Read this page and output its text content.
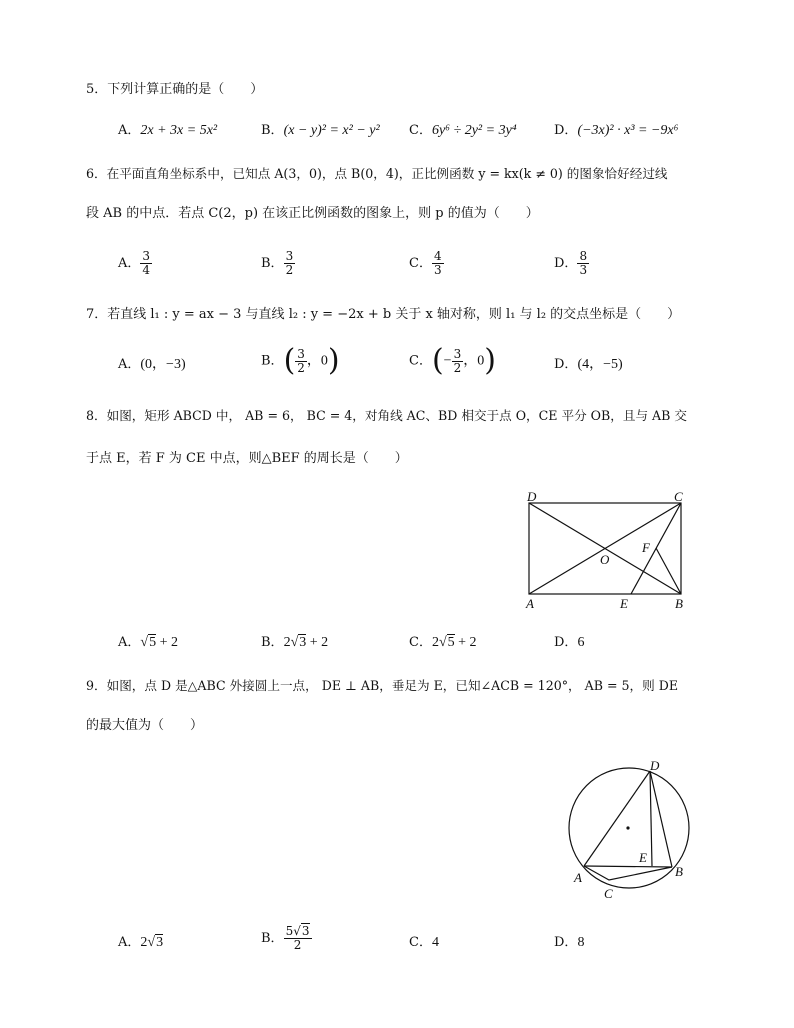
5．下列计算正确的是（　　）
A．2x + 3x = 5x²	B．(x − y)² = x² − y² C．6y⁶ ÷ 2y² = 3y⁴	D．(−3x)² · x³ = −9x⁶
6．在平面直角坐标系中，已知点 A(3，0)，点 B(0，4)，正比例函数 y = kx(k ≠ 0) 的图象恰好经过线
段 AB 的中点．若点 C(2，p) 在该正比例函数的图象上，则 p 的值为（　　）
A． $\frac{3}{4}$	B． $\frac{3}{2}$	C． $\frac{4}{3}$	D． $\frac{8}{3}$
7．若直线 l₁ : y = ax − 3 与直线 l₂ : y = −2x + b 关于 x 轴对称，则 l₁ 与 l₂ 的交点坐标是（　　）
A．(0，−3)	B．( $\frac{3}{2}$ ，0)	C．(− $\frac{3}{2}$ ，0)	D．(4，−5)
8．如图，矩形 ABCD 中， AB = 6， BC = 4，对角线 AC、BD 相交于点 O，CE 平分 OB，且与 AB 交
于点 E，若 F 为 CE 中点，则△BEF 的周长是（　　）
D	C
A	B
O
E
F
A．√5 + 2	B．2√3 + 2	C．2√5 + 2	D．6
9．如图，点 D 是△ABC 外接圆上一点， DE ⊥ AB，垂足为 E，已知∠ACB = 120°， AB = 5，则 DE
的最大值为（　　）
D
E
A	B
C
A．2√3	B． $\frac{5√3}{2}$	C．4	D．8
